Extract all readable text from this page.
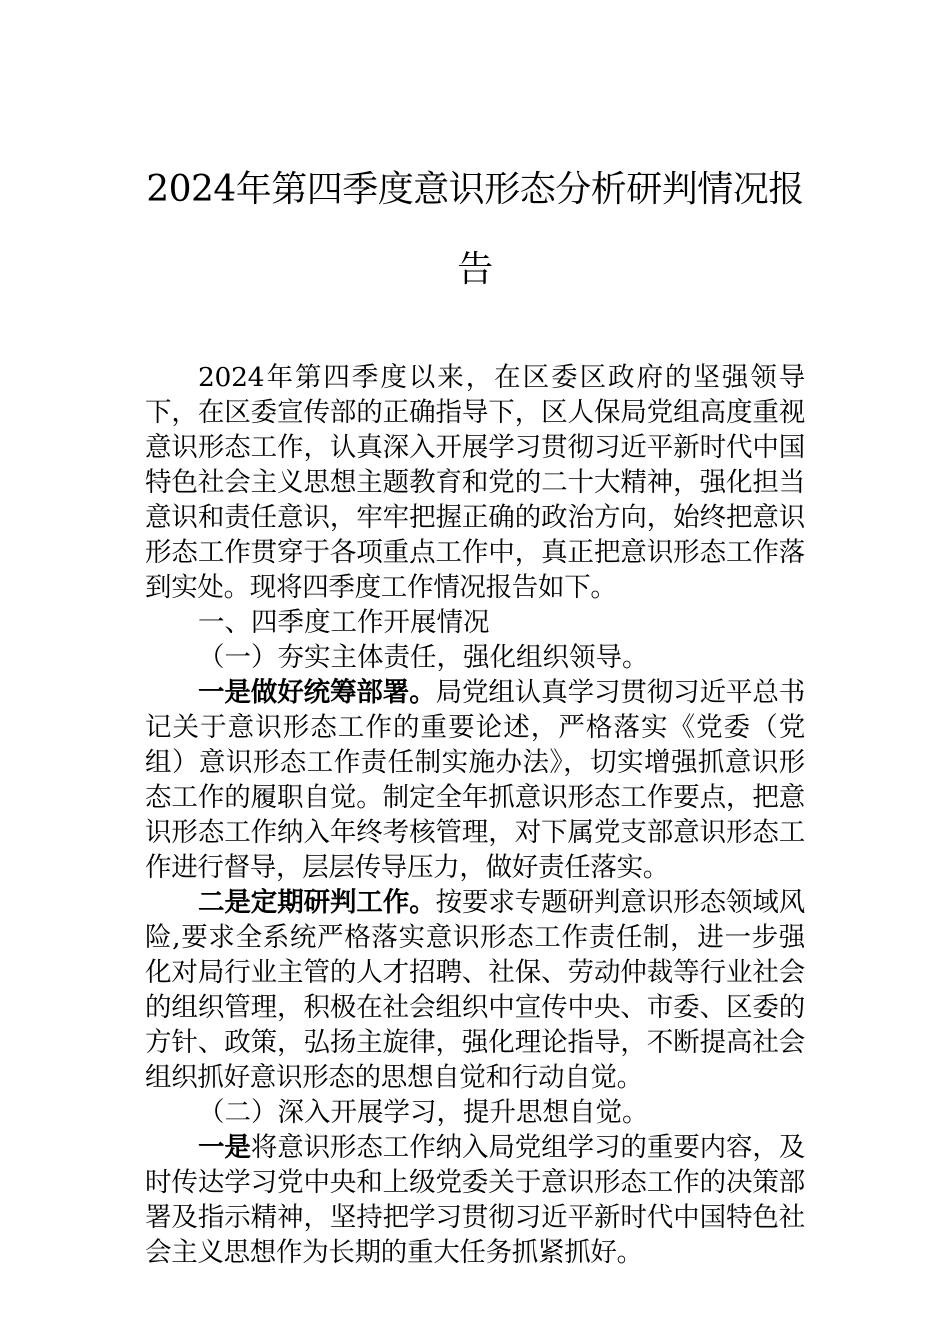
2024年第四季度意识形态分析研判情况报告

2024年第四季度以来，在区委区政府的坚强领导下，在区委宣传部的正确指导下，区人保局党组高度重视意识形态工作，认真深入开展学习贯彻习近平新时代中国特色社会主义思想主题教育和党的二十大精神，强化担当意识和责任意识，牢牢把握正确的政治方向，始终把意识形态工作贯穿于各项重点工作中，真正把意识形态工作落到实处。现将四季度工作情况报告如下。

一、四季度工作开展情况

（一）夯实主体责任，强化组织领导。

一是做好统筹部署。局党组认真学习贯彻习近平总书记关于意识形态工作的重要论述，严格落实《党委（党组）意识形态工作责任制实施办法》，切实增强抓意识形态工作的履职自觉。制定全年抓意识形态工作要点，把意识形态工作纳入年终考核管理，对下属党支部意识形态工作进行督导，层层传导压力，做好责任落实。

二是定期研判工作。按要求专题研判意识形态领域风险,要求全系统严格落实意识形态工作责任制，进一步强化对局行业主管的人才招聘、社保、劳动仲裁等行业社会的组织管理，积极在社会组织中宣传中央、市委、区委的方针、政策，弘扬主旋律，强化理论指导，不断提高社会组织抓好意识形态的思想自觉和行动自觉。

（二）深入开展学习，提升思想自觉。

一是将意识形态工作纳入局党组学习的重要内容，及时传达学习党中央和上级党委关于意识形态工作的决策部署及指示精神，坚持把学习贯彻习近平新时代中国特色社会主义思想作为长期的重大任务抓紧抓好。
